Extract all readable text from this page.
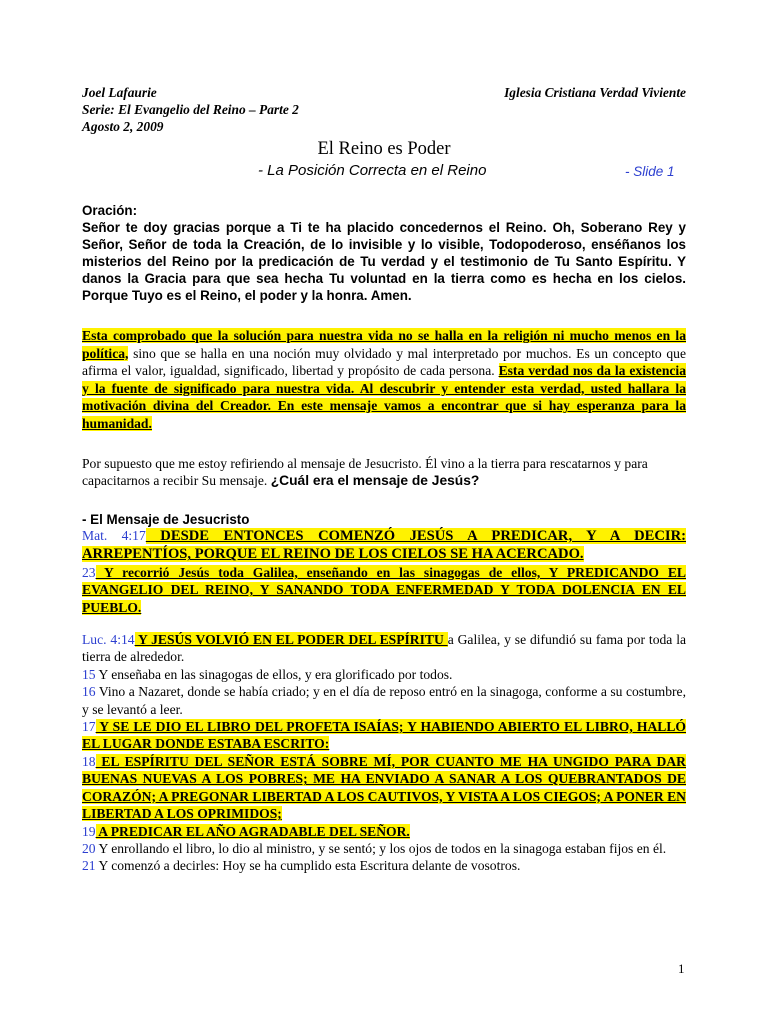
Joel Lafaurie
Serie: El Evangelio del Reino – Parte 2
Agosto 2, 2009
Iglesia Cristiana Verdad Viviente
El Reino es Poder
- La Posición Correcta en el Reino	- Slide 1
Oración:

Señor te doy gracias porque a Ti te ha placido concedernos el Reino. Oh, Soberano Rey y Señor, Señor de toda la Creación, de lo invisible y lo visible, Todopoderoso, enséñanos los misterios del Reino por la predicación de Tu verdad y el testimonio de Tu Santo Espíritu. Y danos la Gracia para que sea hecha Tu voluntad en la tierra como es hecha en los cielos. Porque Tuyo es el Reino, el poder y la honra. Amen.

Esta comprobado que la solución para nuestra vida no se halla en la religión ni mucho menos en la política, sino que se halla en una noción muy olvidado y mal interpretado por muchos. Es un concepto que afirma el valor, igualdad, significado, libertad y propósito de cada persona. Esta verdad nos da la existencia y la fuente de significado para nuestra vida. Al descubrir y entender esta verdad, usted hallara la motivación divina del Creador. En este mensaje vamos a encontrar que si hay esperanza para la humanidad.
Por supuesto que me estoy refiriendo al mensaje de Jesucristo. Él vino a la tierra para rescatarnos y para capacitarnos a recibir Su mensaje. ¿Cuál era el mensaje de Jesús?
- El Mensaje de Jesucristo

Mat. 4:17 DESDE ENTONCES COMENZÓ JESÚS A PREDICAR, Y A DECIR: ARREPENTÍOS, PORQUE EL REINO DE LOS CIELOS SE HA ACERCADO.

23 Y recorrió Jesús toda Galilea, enseñando en las sinagogas de ellos, Y PREDICANDO EL EVANGELIO DEL REINO, Y SANANDO TODA ENFERMEDAD Y TODA DOLENCIA EN EL PUEBLO.

Luc. 4:14 Y JESÚS VOLVIÓ EN EL PODER DEL ESPÍRITU a Galilea, y se difundió su fama por toda la tierra de alrededor.

15 Y enseñaba en las sinagogas de ellos, y era glorificado por todos.

16 Vino a Nazaret, donde se había criado; y en el día de reposo entró en la sinagoga, conforme a su costumbre, y se levantó a leer.

17 Y SE LE DIO EL LIBRO DEL PROFETA ISAÍAS; Y HABIENDO ABIERTO EL LIBRO, HALLÓ EL LUGAR DONDE ESTABA ESCRITO:

18 EL ESPÍRITU DEL SEÑOR ESTÁ SOBRE MÍ, POR CUANTO ME HA UNGIDO PARA DAR BUENAS NUEVAS A LOS POBRES; ME HA ENVIADO A SANAR A LOS QUEBRANTADOS DE CORAZÓN; A PREGONAR LIBERTAD A LOS CAUTIVOS, Y VISTA A LOS CIEGOS; A PONER EN LIBERTAD A LOS OPRIMIDOS;

19 A PREDICAR EL AÑO AGRADABLE DEL SEÑOR.

20 Y enrollando el libro, lo dio al ministro, y se sentó; y los ojos de todos en la sinagoga estaban fijos en él.

21 Y comenzó a decirles: Hoy se ha cumplido esta Escritura delante de vosotros.

1
